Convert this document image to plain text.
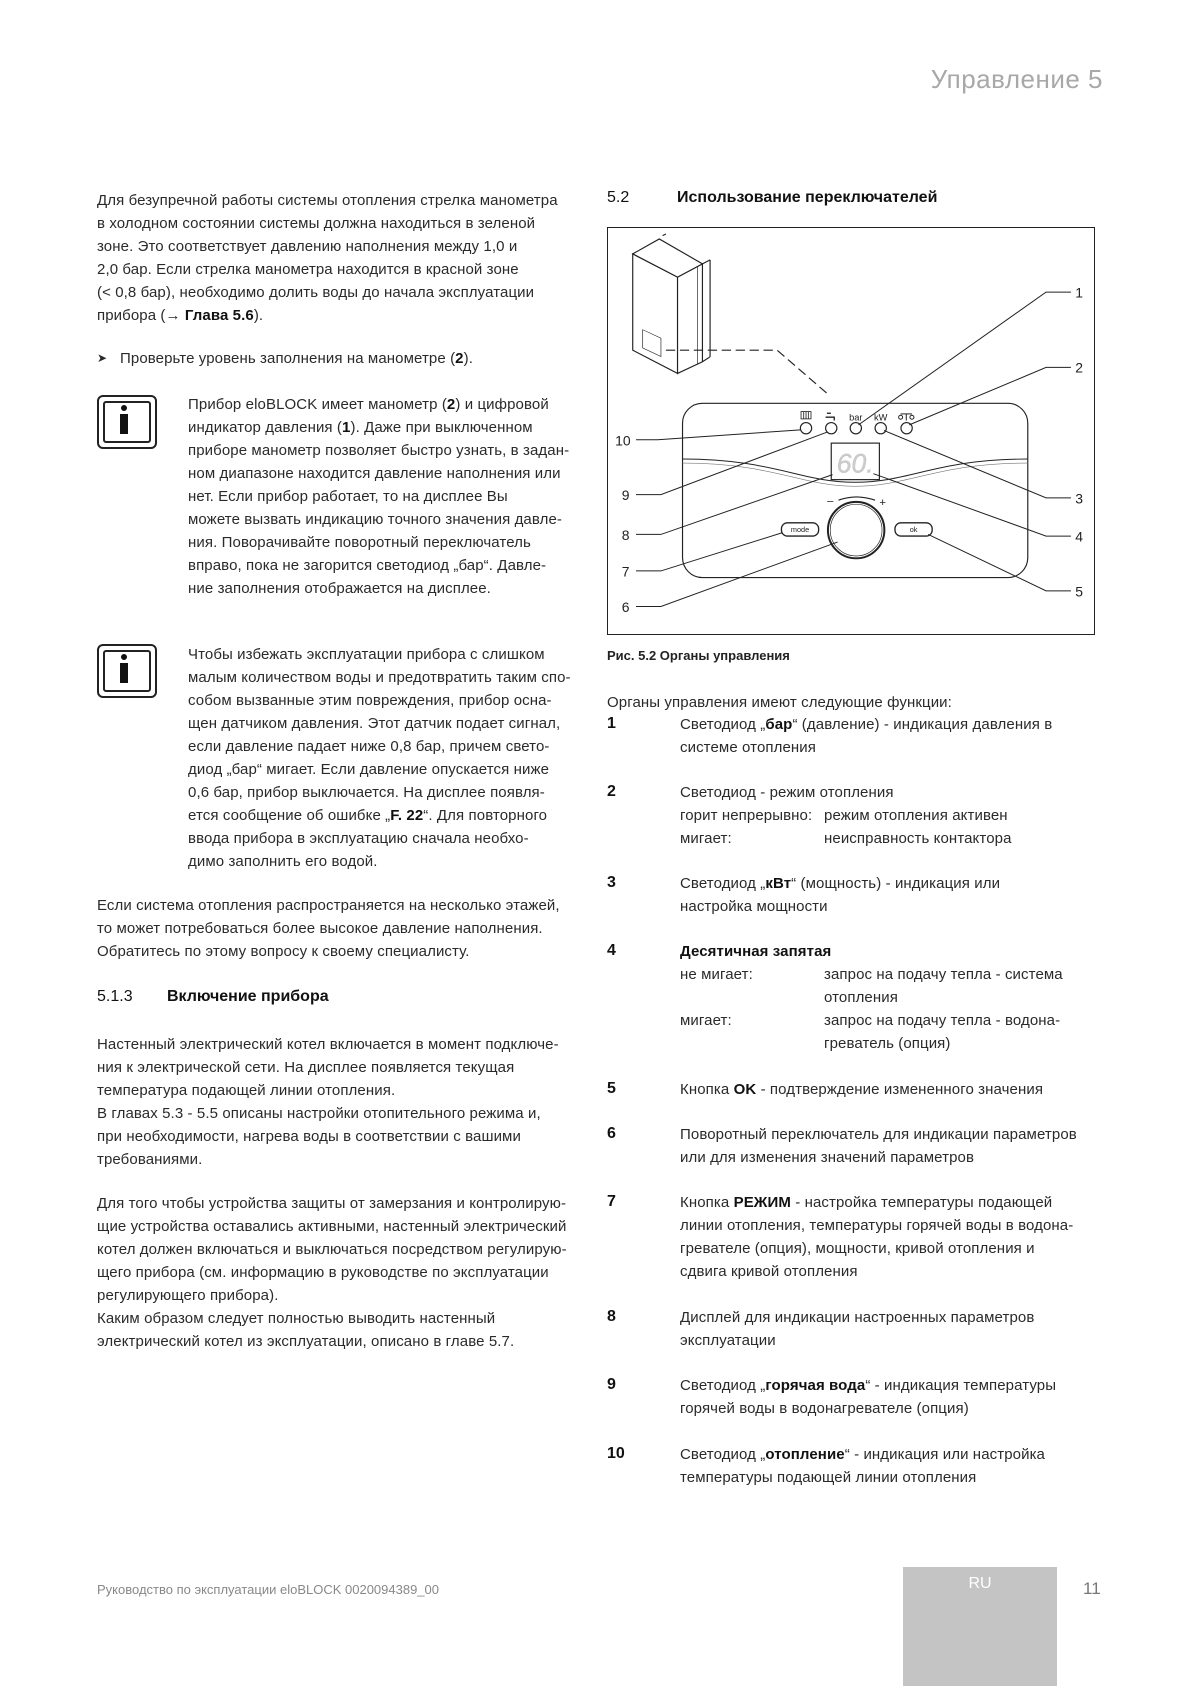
Управление 5
Для безупречной работы системы отопления стрелка манометра
в холодном состоянии системы должна находиться в зеленой
зоне. Это соответствует давлению наполнения между 1,0 и
2,0 бар. Если стрелка манометра находится в красной зоне
(< 0,8 бар), необходимо долить воды до начала эксплуатации
прибора (→ Глава 5.6).
➤ Проверьте уровень заполнения на манометре (2).
Прибор eloBLOCK имеет манометр (2) и цифровой
индикатор давления (1). Даже при выключенном
приборе манометр позволяет быстро узнать, в задан-
ном диапазоне находится давление наполнения или
нет. Если прибор работает, то на дисплее Вы
можете вызвать индикацию точного значения давле-
ния. Поворачивайте поворотный переключатель
вправо, пока не загорится светодиод „бар“. Давле-
ние заполнения отображается на дисплее.
Чтобы избежать эксплуатации прибора с слишком
малым количеством воды и предотвратить таким спо-
собом вызванные этим повреждения, прибор осна-
щен датчиком давления. Этот датчик подает сигнал,
если давление падает ниже 0,8 бар, причем свето-
диод „бар“ мигает. Если давление опускается ниже
0,6 бар, прибор выключается. На дисплее появля-
ется сообщение об ошибке „F. 22“. Для повторного
ввода прибора в эксплуатацию сначала необхо-
димо заполнить его водой.
Если система отопления распространяется на несколько этажей,
то может потребоваться более высокое давление наполнения.
Обратитесь по этому вопросу к своему специалисту.
5.1.3 Включение прибора
Настенный электрический котел включается в момент подключе-
ния к электрической сети. На дисплее появляется текущая
температура подающей линии отопления.
В главах 5.3 - 5.5 описаны настройки отопительного режима и,
при необходимости, нагрева воды в соответствии с вашими
требованиями.
Для того чтобы устройства защиты от замерзания и контролирую-
щие устройства оставались активными, настенный электрический
котел должен включаться и выключаться посредством регулирую-
щего прибора (см. информацию в руководстве по эксплуатации
регулирующего прибора).
Каким образом следует полностью выводить настенный
электрический котел из эксплуатации, описано в главе 5.7.
5.2	Использование переключателей
bar kW
60.
– +
mode	ok
1
2
3
4
5
6
7
8
9
10
Рис. 5.2 Органы управления
Органы управления имеют следующие функции:
1	Светодиод „бар“ (давление) - индикация давления в
системе отопления
2	Светодиод - режим отопления
горит непрерывно: режим отопления активен
мигает:	неисправность контактора
3	Светодиод „кВт“ (мощность) - индикация или
настройка мощности
4	Десятичная запятая
не мигает:	запрос на подачу тепла - система
отопления
мигает:	запрос на подачу тепла - водона-
греватель (опция)
5	Кнопка OK - подтверждение измененного значения
6	Поворотный переключатель для индикации параметров
или для изменения значений параметров
7	Кнопка РЕЖИМ - настройка температуры подающей
линии отопления, температуры горячей воды в водона-
гревателе (опция), мощности, кривой отопления и
сдвига кривой отопления
8	Дисплей для индикации настроенных параметров
эксплуатации
9	Светодиод „горячая вода“ - индикация температуры
горячей воды в водонагревателе (опция)
10	Светодиод „отопление“ - индикация или настройка
температуры подающей линии отопления
Руководство по эксплуатации eloBLOCK 0020094389_00	RU	11
